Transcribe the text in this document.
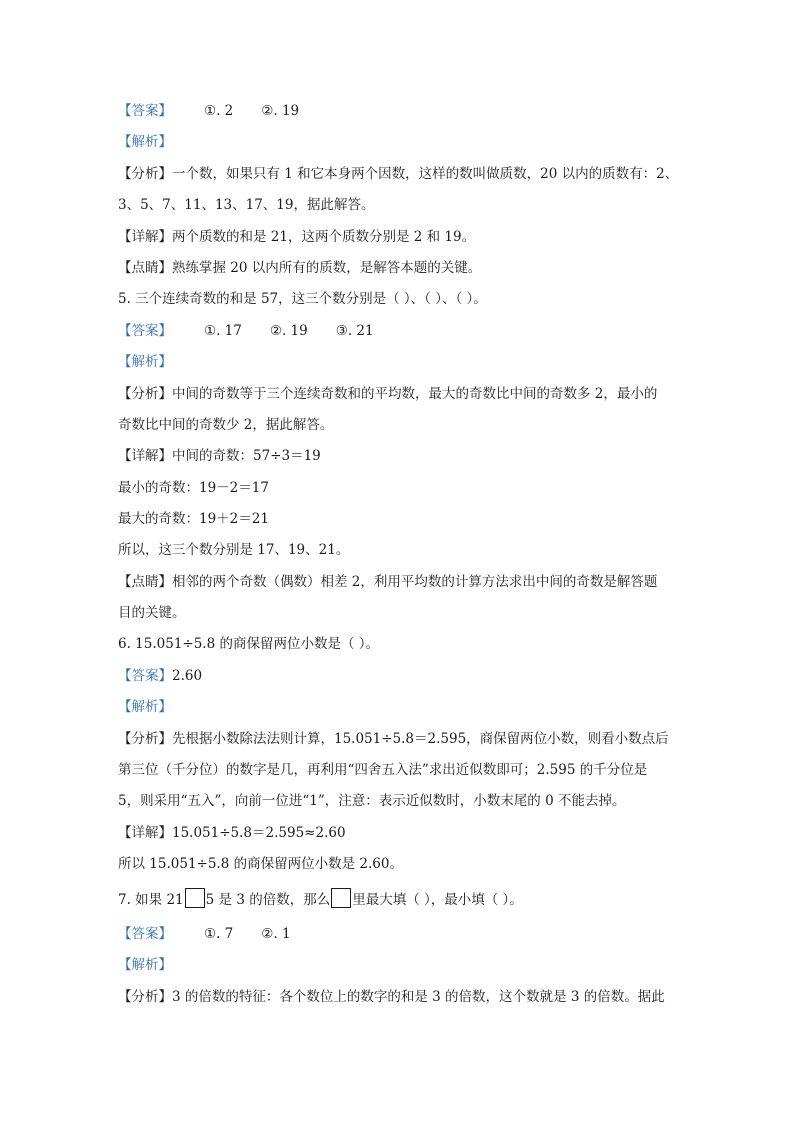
【答案】 ①. 2 ②. 19
【解析】
【分析】一个数，如果只有 1 和它本身两个因数，这样的数叫做质数，20 以内的质数有：2、
3、5、7、11、13、17、19，据此解答。
【详解】两个质数的和是 21，这两个质数分别是 2 和 19。
【点睛】熟练掌握 20 以内所有的质数，是解答本题的关键。
5. 三个连续奇数的和是 57，这三个数分别是（ ）、（ ）、（ ）。
【答案】 ①. 17 ②. 19 ③. 21
【解析】
【分析】中间的奇数等于三个连续奇数和的平均数，最大的奇数比中间的奇数多 2，最小的
奇数比中间的奇数少 2，据此解答。
【详解】中间的奇数：57÷3＝19
最小的奇数：19－2＝17
最大的奇数：19＋2＝21
所以，这三个数分别是 17、19、21。
【点睛】相邻的两个奇数（偶数）相差 2，利用平均数的计算方法求出中间的奇数是解答题
目的关键。
6. 15.051÷5.8 的商保留两位小数是（ ）。
【答案】2.60
【解析】
【分析】先根据小数除法法则计算，15.051÷5.8＝2.595，商保留两位小数，则看小数点后
第三位（千分位）的数字是几，再利用“四舍五入法”求出近似数即可；2.595 的千分位是
5，则采用“五入”，向前一位进“1”，注意：表示近似数时，小数末尾的 0 不能去掉。
【详解】15.051÷5.8＝2.595≈2.60
所以 15.051÷5.8 的商保留两位小数是 2.60。
7. 如果 21 5 是 3 的倍数，那么 里最大填（ ），最小填（ ）。
【答案】 ①. 7 ②. 1
【解析】
【分析】3 的倍数的特征：各个数位上的数字的和是 3 的倍数，这个数就是 3 的倍数。据此
